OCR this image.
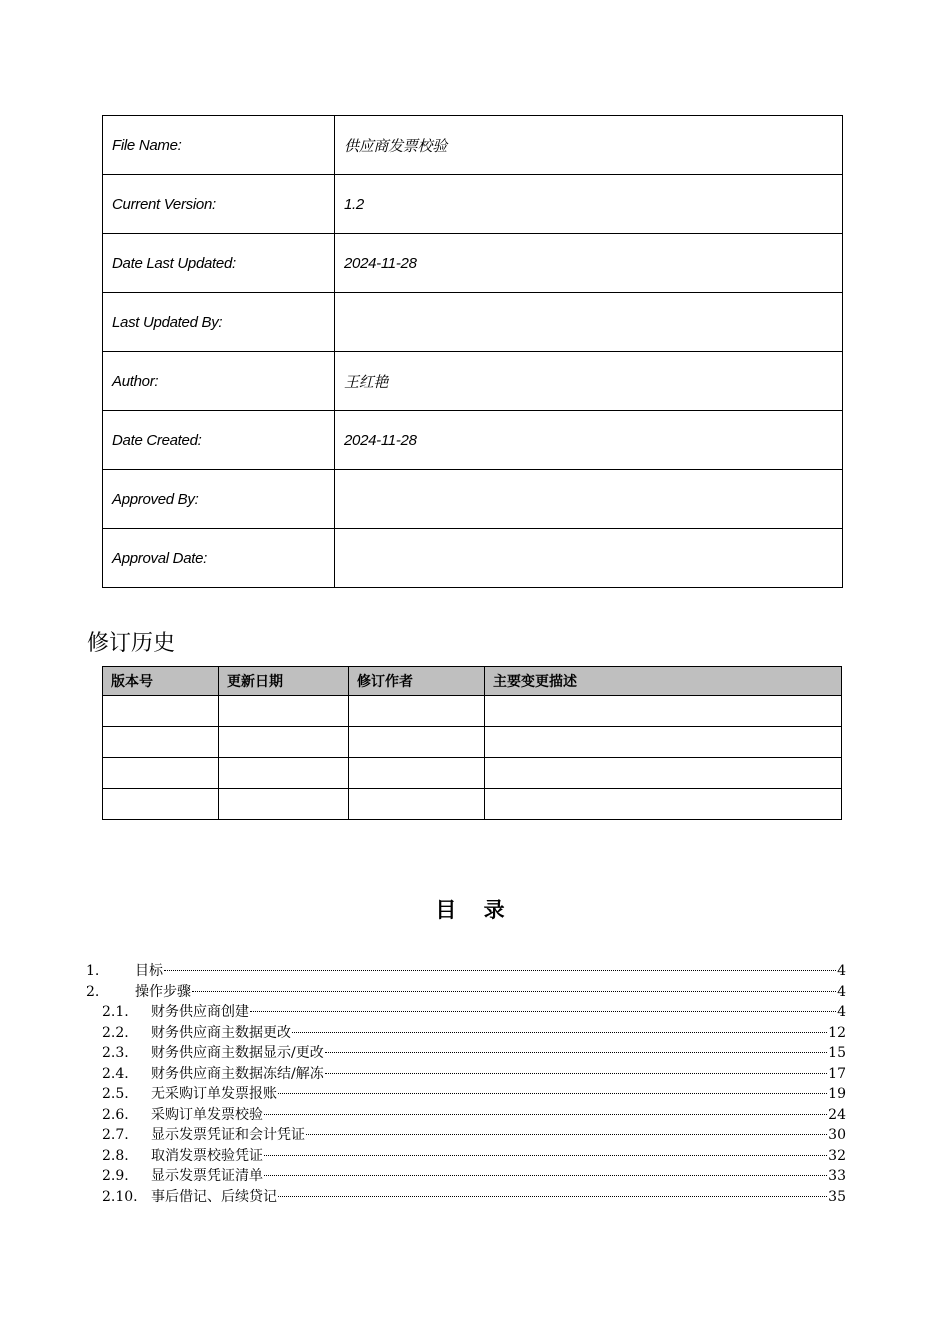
File Name:	供应商发票校验
Current Version:	1.2
Date Last Updated:	2024-11-28
Last Updated By:	
Author:	王红艳
Date Created:	2024-11-28
Approved By:	
Approval Date:	
修订历史
版本号	更新日期	修订作者	主要变更描述

目 录
1.	目标	4
2.	操作步骤	4
2.1.	财务供应商创建	4
2.2.	财务供应商主数据更改	12
2.3.	财务供应商主数据显示/更改	15
2.4.	财务供应商主数据冻结/解冻	17
2.5.	无采购订单发票报账	19
2.6.	采购订单发票校验	24
2.7.	显示发票凭证和会计凭证	30
2.8.	取消发票校验凭证	32
2.9.	显示发票凭证清单	33
2.10. 事后借记、后续贷记	35
